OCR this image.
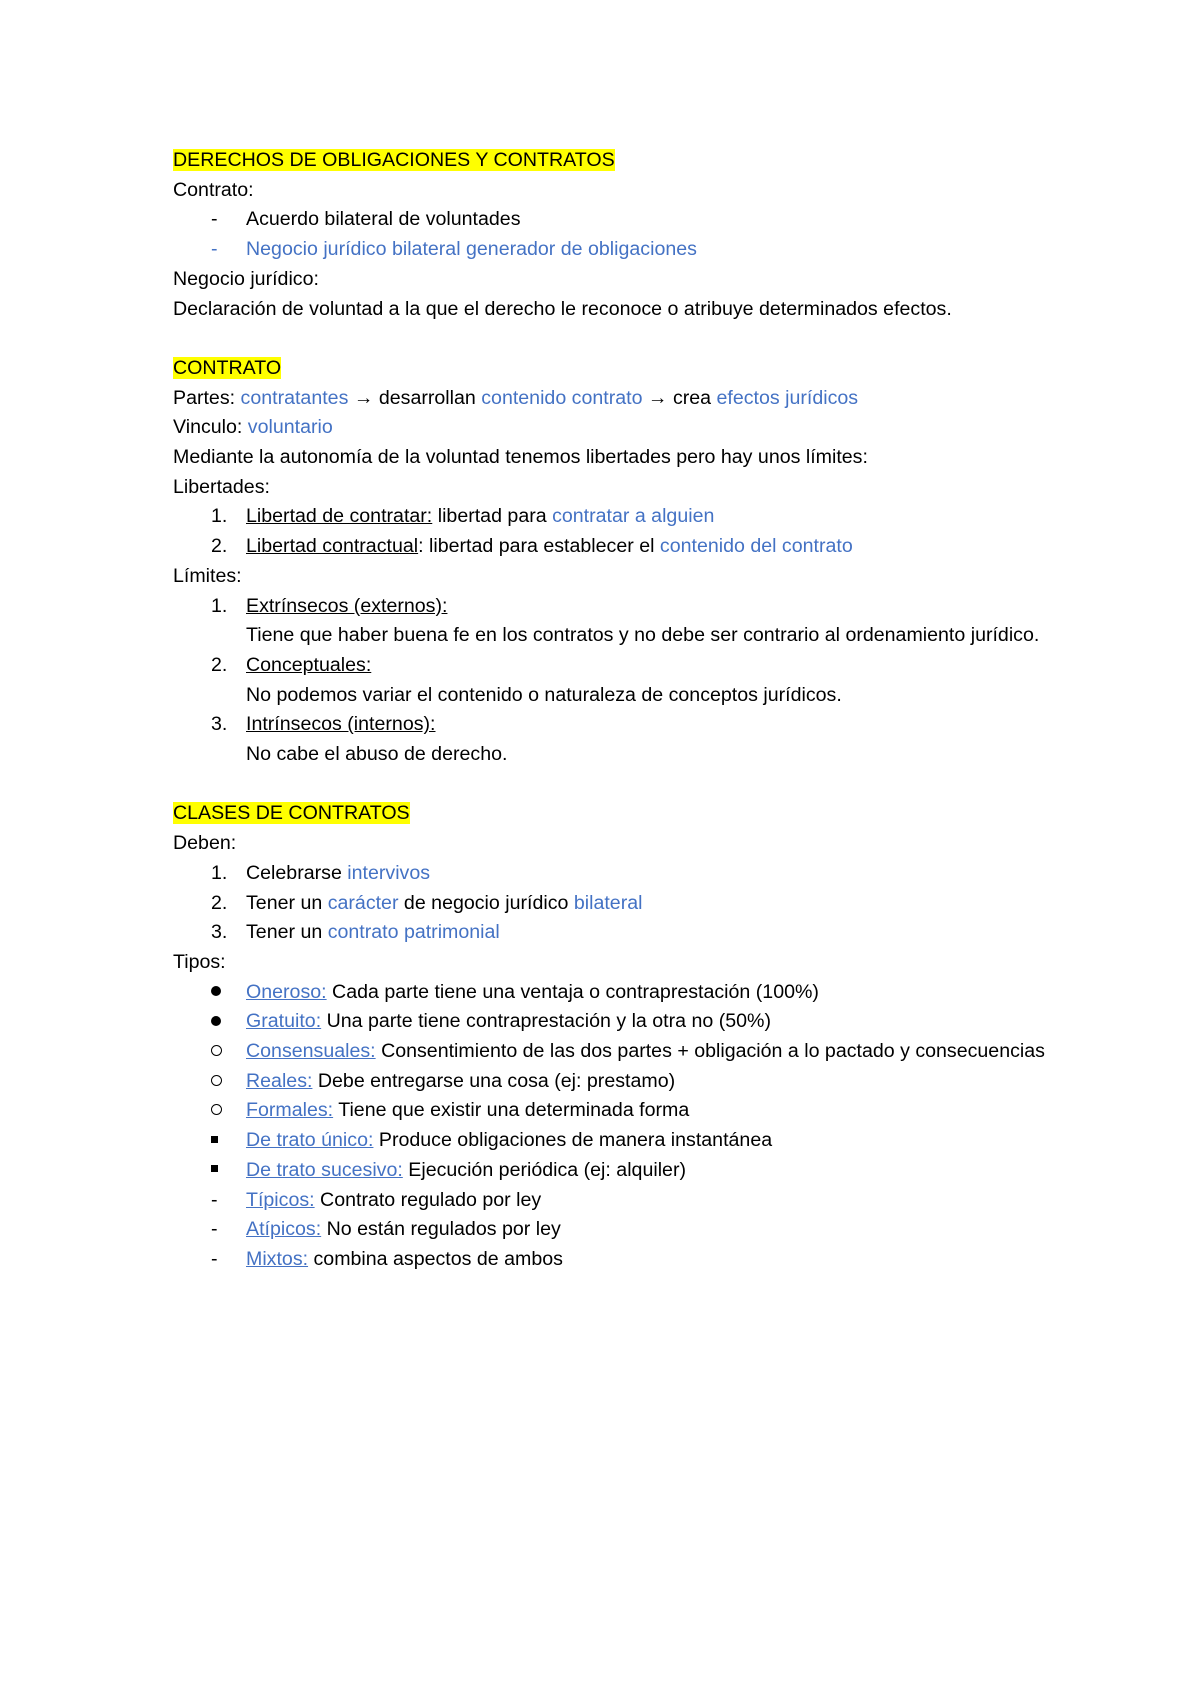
DERECHOS DE OBLIGACIONES Y CONTRATOS
Contrato:
- Acuerdo bilateral de voluntades
- Negocio jurídico bilateral generador de obligaciones
Negocio jurídico:
Declaración de voluntad a la que el derecho le reconoce o atribuye determinados efectos.
CONTRATO
Partes: contratantes → desarrollan contenido contrato → crea efectos jurídicos
Vinculo: voluntario
Mediante la autonomía de la voluntad tenemos libertades pero hay unos límites:
Libertades:
1. Libertad de contratar: libertad para contratar a alguien
2. Libertad contractual: libertad para establecer el contenido del contrato
Límites:
1. Extrínsecos (externos):
Tiene que haber buena fe en los contratos y no debe ser contrario al ordenamiento jurídico.
2. Conceptuales:
No podemos variar el contenido o naturaleza de conceptos jurídicos.
3. Intrínsecos (internos):
No cabe el abuso de derecho.
CLASES DE CONTRATOS
Deben:
1. Celebrarse intervivos
2. Tener un carácter de negocio jurídico bilateral
3. Tener un contrato patrimonial
Tipos:
Oneroso: Cada parte tiene una ventaja o contraprestación (100%)
Gratuito: Una parte tiene contraprestación y la otra no (50%)
Consensuales: Consentimiento de las dos partes + obligación a lo pactado y consecuencias
Reales: Debe entregarse una cosa (ej: prestamo)
Formales: Tiene que existir una determinada forma
De trato único: Produce obligaciones de manera instantánea
De trato sucesivo: Ejecución periódica (ej: alquiler)
- Típicos: Contrato regulado por ley
- Atípicos: No están regulados por ley
- Mixtos: combina aspectos de ambos
